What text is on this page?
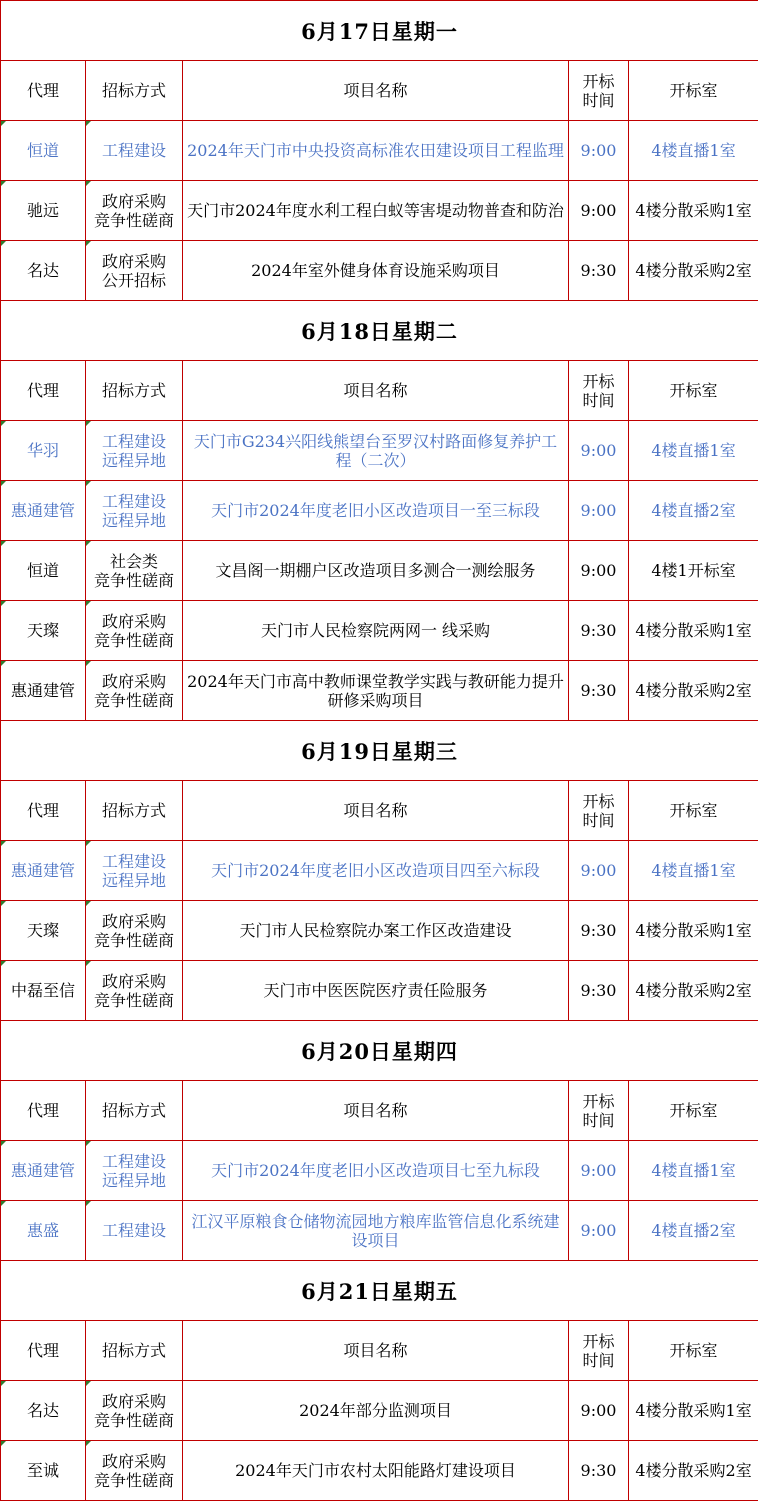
6月17日星期一				
代理	招标方式	项目名称	开标
时间	开标室
恒道	工程建设	2024年天门市中央投资高标准农田建设项目工程监理	9:00	4楼直播1室
驰远	政府采购
竞争性磋商	天门市2024年度水利工程白蚁等害堤动物普查和防治	9:00	4楼分散采购1室
名达	政府采购
公开招标	2024年室外健身体育设施采购项目	9:30	4楼分散采购2室
6月18日星期二				
代理	招标方式	项目名称	开标
时间	开标室
华羽	工程建设
远程异地	天门市G234兴阳线熊望台至罗汉村路面修复养护工程（二次）	9:00	4楼直播1室
惠通建管	工程建设
远程异地	天门市2024年度老旧小区改造项目一至三标段	9:00	4楼直播2室
恒道	社会类
竞争性磋商	文昌阁一期棚户区改造项目多测合一测绘服务	9:00	4楼1开标室
天璨	政府采购
竞争性磋商	天门市人民检察院两网一 线采购	9:30	4楼分散采购1室
惠通建管	政府采购
竞争性磋商	2024年天门市高中教师课堂教学实践与教研能力提升研修采购项目	9:30	4楼分散采购2室
6月19日星期三				
代理	招标方式	项目名称	开标
时间	开标室
惠通建管	工程建设
远程异地	天门市2024年度老旧小区改造项目四至六标段	9:00	4楼直播1室
天璨	政府采购
竞争性磋商	天门市人民检察院办案工作区改造建设	9:30	4楼分散采购1室
中磊至信	政府采购
竞争性磋商	天门市中医医院医疗责任险服务	9:30	4楼分散采购2室
6月20日星期四				
代理	招标方式	项目名称	开标
时间	开标室
惠通建管	工程建设
远程异地	天门市2024年度老旧小区改造项目七至九标段	9:00	4楼直播1室
惠盛	工程建设	江汉平原粮食仓储物流园地方粮库监管信息化系统建设项目	9:00	4楼直播2室
6月21日星期五				
代理	招标方式	项目名称	开标
时间	开标室
名达	政府采购
竞争性磋商	2024年部分监测项目	9:00	4楼分散采购1室
至诚	政府采购
竞争性磋商	2024年天门市农村太阳能路灯建设项目	9:30	4楼分散采购2室
